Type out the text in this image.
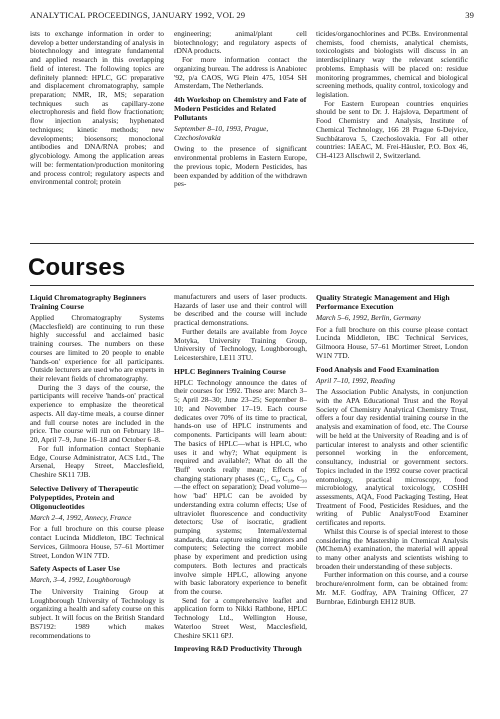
ANALYTICAL PROCEEDINGS, JANUARY 1992, VOL 29	39

ists to exchange information in order to develop a better understanding of analysis in biotechnology and integrate fundamental and applied research in this overlapping field of interest. The following topics are definitely planned: HPLC, GC preparative and displacement chromatography, sample preparation; NMR, IR, MS; separation techniques such as capillary-zone electrophoresis and field flow fractionation; flow injection analysis; hyphenated techniques; kinetic methods; new developments; biosensors; monoclonal antibodies and DNA/RNA probes; and glycobiology. Among the application areas will be: fermentation/production monitoring and process control; regulatory aspects and environmental control; protein

engineering; animal/plant cell biotechnology; and regulatory aspects of rDNA products.

For more information contact the organizing bureau. The address is Anabiotec '92, p/a CAOS, WG Plein 475, 1054 SH Amsterdam, The Netherlands.

4th Workshop on Chemistry and Fate of Modern Pesticides and Related Pollutants

September 8–10, 1993, Prague, Czechoslovakia

Owing to the presence of significant environmental problems in Eastern Europe, the previous topic, Modern Pesticides, has been expanded by addition of the withdrawn pes-

ticides/organochlorines and PCBs. Environmental chemists, food chemists, analytical chemists, toxicologists and biologists will discuss in an interdisciplinary way the relevant scientific problems. Emphasis will be placed on: residue monitoring programmes, chemical and biological screening methods, quality control, toxicology and legislation.

For Eastern European countries enquiries should be sent to Dr. J. Hajslova, Department of Food Chemistry and Analysis, Institute of Chemical Technology, 166 28 Prague 6-Dejvice, Suchbátarova 5, Czechoslovakia. For all other countries: IAEAC, M. Frei-Häusler, P.O. Box 46, CH-4123 Allschwil 2, Switzerland.

Courses
Liquid Chromatography Beginners Training Course

Applied Chromatography Systems (Macclesfield) are continuing to run these highly successful and acclaimed basic training courses. The numbers on these courses are limited to 20 people to enable 'hands-on' experience for all participants. Outside lecturers are used who are experts in their relevant fields of chromatography.

During the 3 days of the course, the participants will receive 'hands-on' practical experience to emphasize the theoretical aspects. All day-time meals, a course dinner and full course notes are included in the price. The course will run on February 18–20, April 7–9, June 16–18 and October 6–8.

For full information contact Stephanie Edge, Course Administrator, ACS Ltd., The Arsenal, Heapy Street, Macclesfield, Cheshire SK11 7JB.

Selective Delivery of Therapeutic Polypeptides, Protein and Oligonucleotides

March 2–4, 1992, Annecy, France

For a full brochure on this course please contact Lucinda Middleton, IBC Technical Services, Gilmoora House, 57–61 Mortimer Street, London W1N 7TD.

Safety Aspects of Laser Use

March, 3–4, 1992, Loughborough

The University Training Group at Loughborough University of Technology is organizing a health and safety course on this subject. It will focus on the British Standard BS7192: 1989 which makes recommendations to

manufacturers and users of laser products. Hazards of laser use and their control will be described and the course will include practical demonstrations.

Further details are available from Joyce Motyka, University Training Group, University of Technology, Loughborough, Leicestershire, LE11 3TU.

HPLC Beginners Training Course

HPLC Technology announce the dates of their courses for 1992. These are: March 3–5; April 28–30; June 23–25; September 8–10; and November 17–19. Each course dedicates over 70% of its time to practical, hands-on use of HPLC instruments and components. Participants will learn about: The basics of HPLC—what is HPLC, who uses it and why?; What equipment is required and available?; What do all the 'Buff' words really mean; Effects of changing stationary phases (C₁, C₈, C₁₈, C₃₀—the effect on separation); Dead volume—how 'bad' HPLC can be avoided by understanding extra column effects; Use of ultraviolet fluorescence and conductivity detectors; Use of isocratic, gradient pumping systems; Internal/external standards, data capture using integrators and computers; Selecting the correct mobile phase by experiment and prediction using computers. Both lectures and practicals involve simple HPLC, allowing anyone with basic laboratory experience to benefit from the course.

Send for a comprehensive leaflet and application form to Nikki Rathbone, HPLC Technology Ltd., Wellington House, Waterloo Street West, Macclesfield, Cheshire SK11 6PJ.

Improving R&D Productivity Through
Quality Strategic Management and High Performance Execution

March 5–6, 1992, Berlin, Germany

For a full brochure on this course please contact Lucinda Middleton, IBC Technical Services, Gilmoora House, 57–61 Mortimer Street, London W1N 7TD.

Food Analysis and Food Examination

April 7–10, 1992, Reading

The Association Public Analysts, in conjunction with the APA Educational Trust and the Royal Society of Chemistry Analytical Chemistry Trust, offers a four day residential training course in the analysis and examination of food, etc. The Course will be held at the University of Reading and is of particular interest to analysts and other scientific personnel working in the enforcement, consultancy, industrial or government sectors. Topics included in the 1992 course cover practical entomology, practical microscopy, food microbiology, analytical toxicology, COSHH assessments, AQA, Food Packaging Testing, Heat Treatment of Food, Pesticides Residues, and the writing of Public Analyst/Food Examiner certificates and reports.

Whilst this Course is of special interest to those considering the Mastership in Chemical Analysis (MChemA) examination, the material will appeal to many other analysts and scientists wishing to broaden their understanding of these subjects.

Further information on this course, and a course brochure/enrolment form, can be obtained from: Mr. M.F. Godfray, APA Training Officer, 27 Burnbrae, Edinburgh EH12 8UB.
